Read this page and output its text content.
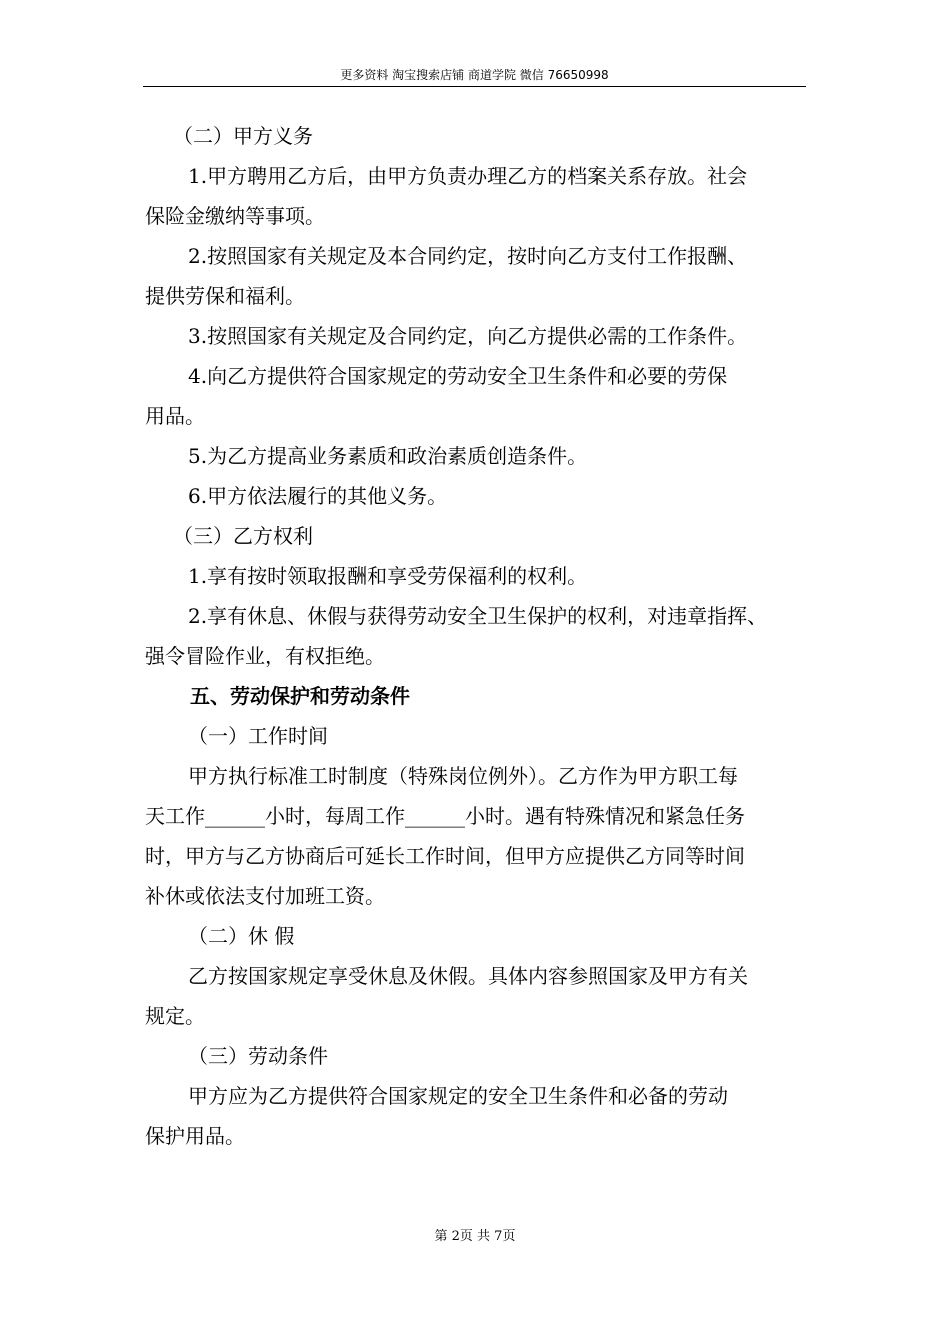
更多资料 淘宝搜索店铺 商道学院 微信 76650998
（二）甲方义务
1.甲方聘用乙方后，由甲方负责办理乙方的档案关系存放。社会
保险金缴纳等事项。
2.按照国家有关规定及本合同约定，按时向乙方支付工作报酬、
提供劳保和福利。
3.按照国家有关规定及合同约定，向乙方提供必需的工作条件。
4.向乙方提供符合国家规定的劳动安全卫生条件和必要的劳保
用品。
5.为乙方提高业务素质和政治素质创造条件。
6.甲方依法履行的其他义务。
（三）乙方权利
1.享有按时领取报酬和享受劳保福利的权利。
2.享有休息、休假与获得劳动安全卫生保护的权利，对违章指挥、
强令冒险作业，有权拒绝。
五、劳动保护和劳动条件
（一）工作时间
甲方执行标准工时制度（特殊岗位例外）。乙方作为甲方职工每
天工作______小时，每周工作______小时。遇有特殊情况和紧急任务
时，甲方与乙方协商后可延长工作时间，但甲方应提供乙方同等时间
补休或依法支付加班工资。
（二）休 假
乙方按国家规定享受休息及休假。具体内容参照国家及甲方有关
规定。
（三）劳动条件
甲方应为乙方提供符合国家规定的安全卫生条件和必备的劳动
保护用品。
第 2页 共 7页
